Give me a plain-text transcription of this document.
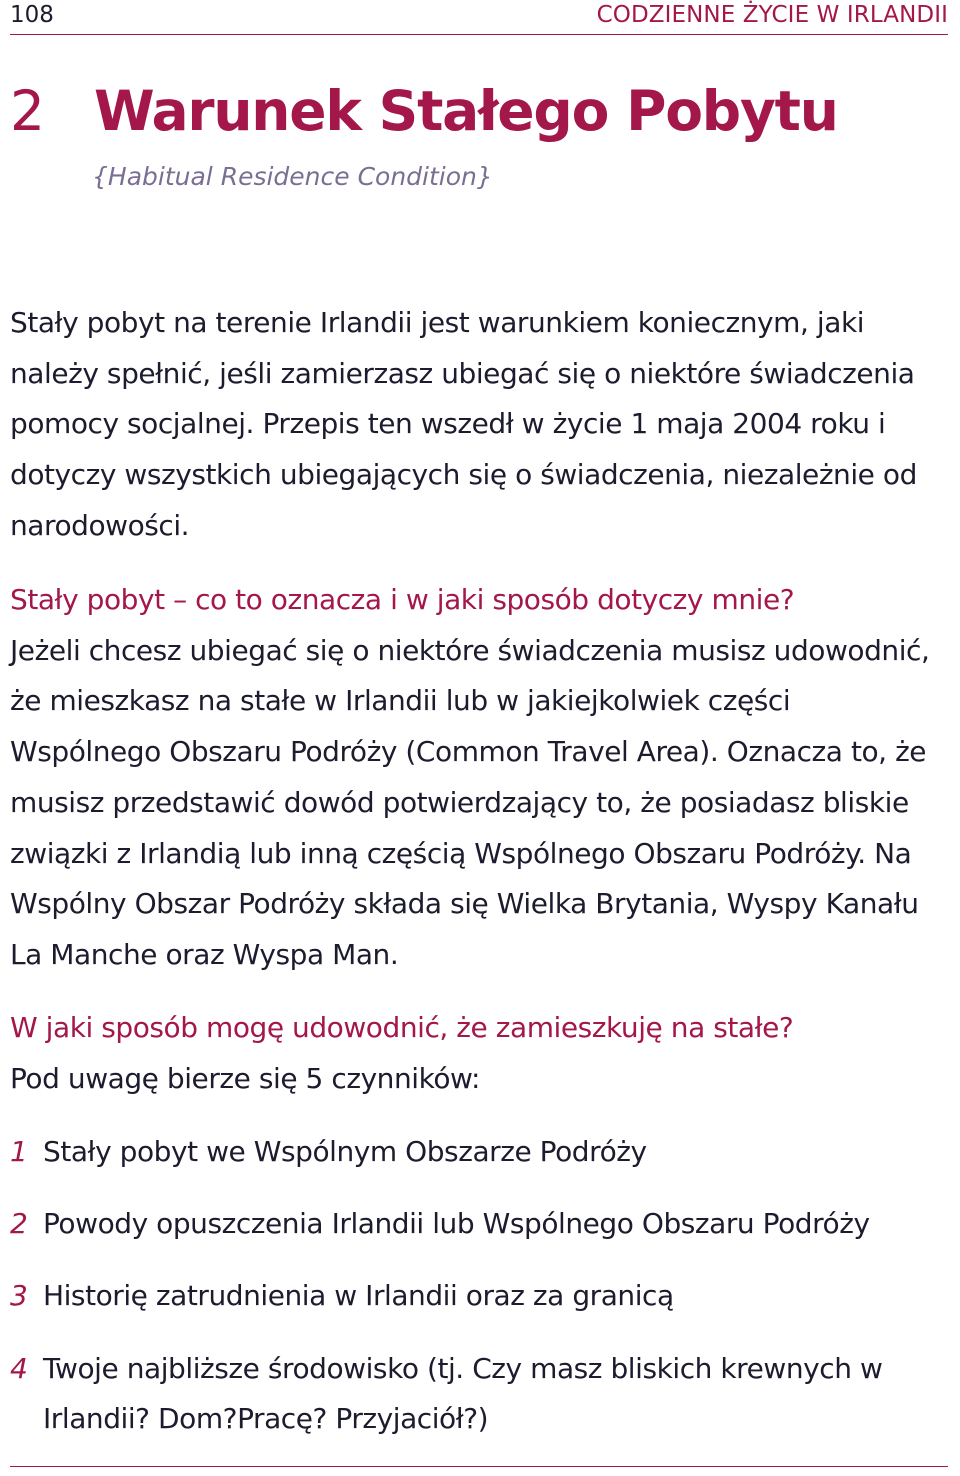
108	CODZIENNE ŻYCIE W IRLANDII
2 Warunek Stałego Pobytu
{Habitual Residence Condition}
Stały pobyt na terenie Irlandii jest warunkiem koniecznym, jaki
należy spełnić, jeśli zamierzasz ubiegać się o niektóre świadczenia
pomocy socjalnej. Przepis ten wszedł w życie 1 maja 2004 roku i
dotyczy wszystkich ubiegających się o świadczenia, niezależnie od
narodowości.
Stały pobyt – co to oznacza i w jaki sposób dotyczy mnie?
Jeżeli chcesz ubiegać się o niektóre świadczenia musisz udowodnić,
że mieszkasz na stałe w Irlandii lub w jakiejkolwiek części
Wspólnego Obszaru Podróży (Common Travel Area). Oznacza to, że
musisz przedstawić dowód potwierdzający to, że posiadasz bliskie
związki z Irlandią lub inną częścią Wspólnego Obszaru Podróży. Na
Wspólny Obszar Podróży składa się Wielka Brytania, Wyspy Kanału
La Manche oraz Wyspa Man.
W jaki sposób mogę udowodnić, że zamieszkuję na stałe?
Pod uwagę bierze się 5 czynników:
1 Stały pobyt we Wspólnym Obszarze Podróży
2 Powody opuszczenia Irlandii lub Wspólnego Obszaru Podróży
3 Historię zatrudnienia w Irlandii oraz za granicą
4 Twoje najbliższe środowisko (tj. Czy masz bliskich krewnych w
Irlandii? Dom?Pracę? Przyjaciół?)
